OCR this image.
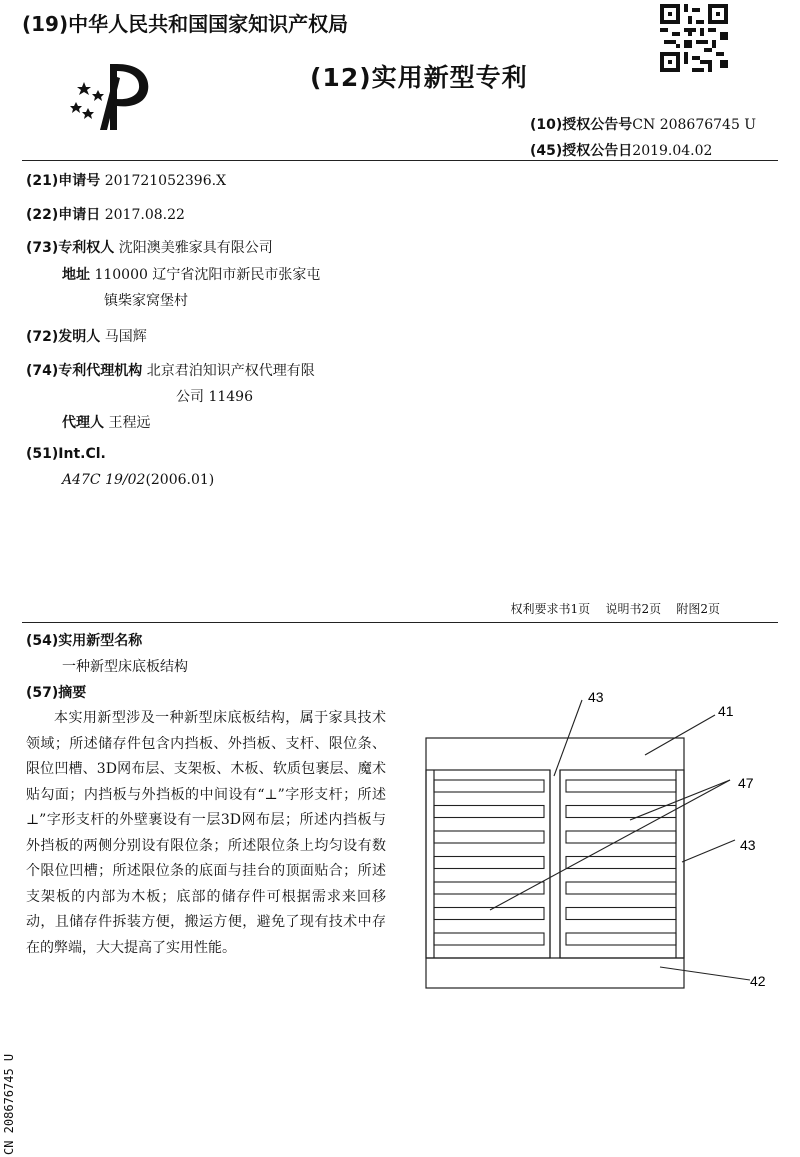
(19)中华人民共和国国家知识产权局
(12)实用新型专利
(10)授权公告号CN 208676745 U
(45)授权公告日2019.04.02
(21)申请号 201721052396.X
(22)申请日 2017.08.22
(73)专利权人 沈阳澳美雅家具有限公司
地址 110000 辽宁省沈阳市新民市张家屯
镇柴家窝堡村
(72)发明人 马国辉
(74)专利代理机构 北京君泊知识产权代理有限
公司 11496
代理人 王程远
(51)Int.Cl.
A47C 19/02(2006.01)
权利要求书1页 说明书2页 附图2页
(54)实用新型名称
一种新型床底板结构
(57)摘要
本实用新型涉及一种新型床底板结构，属于家具技术领域；所述储存件包含内挡板、外挡板、支杆、限位条、限位凹槽、3D网布层、支架板、木板、软质包裹层、魔术贴勾面；内挡板与外挡板的中间设有“⊥”字形支杆；所述⊥”字形支杆的外壁裹设有一层3D网布层；所述内挡板与外挡板的两侧分别设有限位条；所述限位条上均匀设有数个限位凹槽；所述限位条的底面与挂台的顶面贴合；所述支架板的内部为木板；底部的储存件可根据需求来回移动，且储存件拆装方便，搬运方便，避免了现有技术中存在的弊端，大大提高了实用性能。
43
41
47
43
42
CN 208676745 U
